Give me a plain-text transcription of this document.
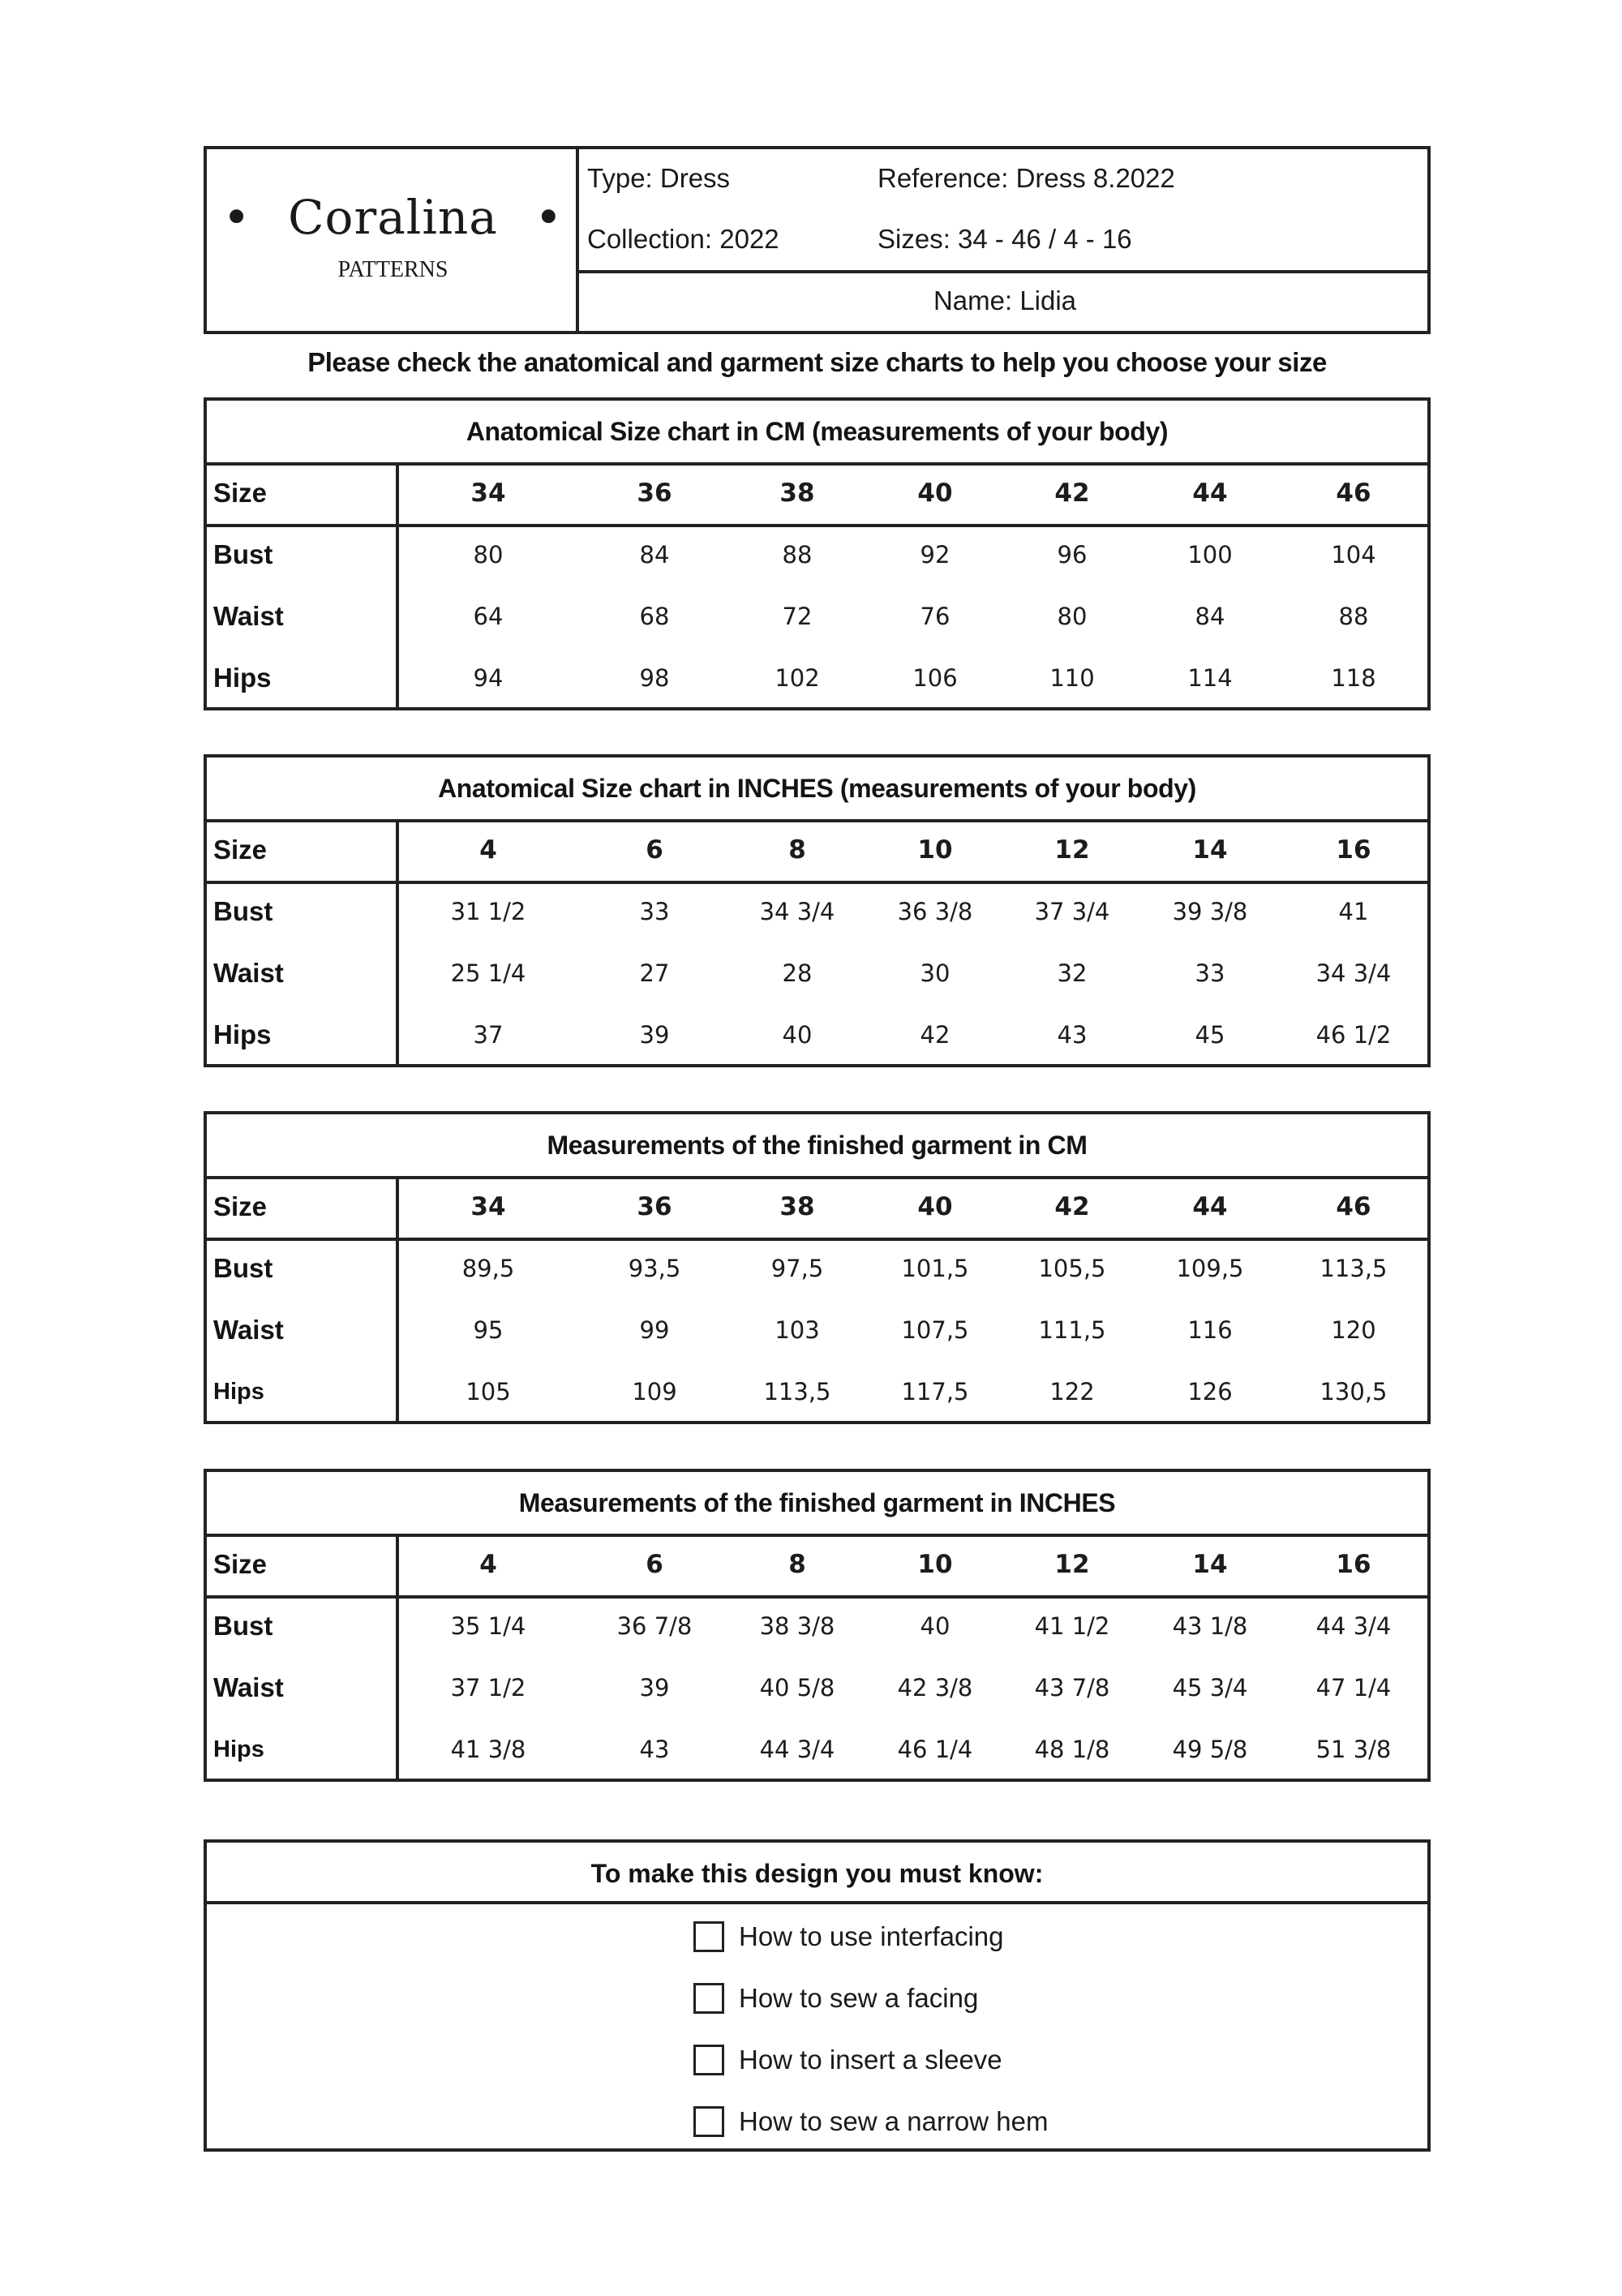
• Coralina •
PATTERNS
Type: Dress	Reference: Dress 8.2022
Collection: 2022	Sizes: 34 - 46 / 4 - 16
Name: Lidia
Please check the anatomical and garment size charts to help you choose your size
Anatomical Size chart in CM (measurements of your body)
Size	34	36	38	40	42	44	46
Bust	80	84	88	92	96	100	104
Waist	64	68	72	76	80	84	88
Hips	94	98	102	106	110	114	118
Anatomical Size chart in INCHES (measurements of your body)
Size	4	6	8	10	12	14	16
Bust	31 1/2	33	34 3/4	36 3/8	37 3/4	39 3/8	41
Waist	25 1/4	27	28	30	32	33	34 3/4
Hips	37	39	40	42	43	45	46 1/2
Measurements of the finished garment in CM
Size	34	36	38	40	42	44	46
Bust	89,5	93,5	97,5	101,5	105,5	109,5	113,5
Waist	95	99	103	107,5	111,5	116	120
Hips	105	109	113,5	117,5	122	126	130,5
Measurements of the finished garment in INCHES
Size	4	6	8	10	12	14	16
Bust	35 1/4	36 7/8	38 3/8	40	41 1/2	43 1/8	44 3/4
Waist	37 1/2	39	40 5/8	42 3/8	43 7/8	45 3/4	47 1/4
Hips	41 3/8	43	44 3/4	46 1/4	48 1/8	49 5/8	51 3/8
To make this design you must know:
How to use interfacing
How to sew a facing
How to insert a sleeve
How to sew a narrow hem
